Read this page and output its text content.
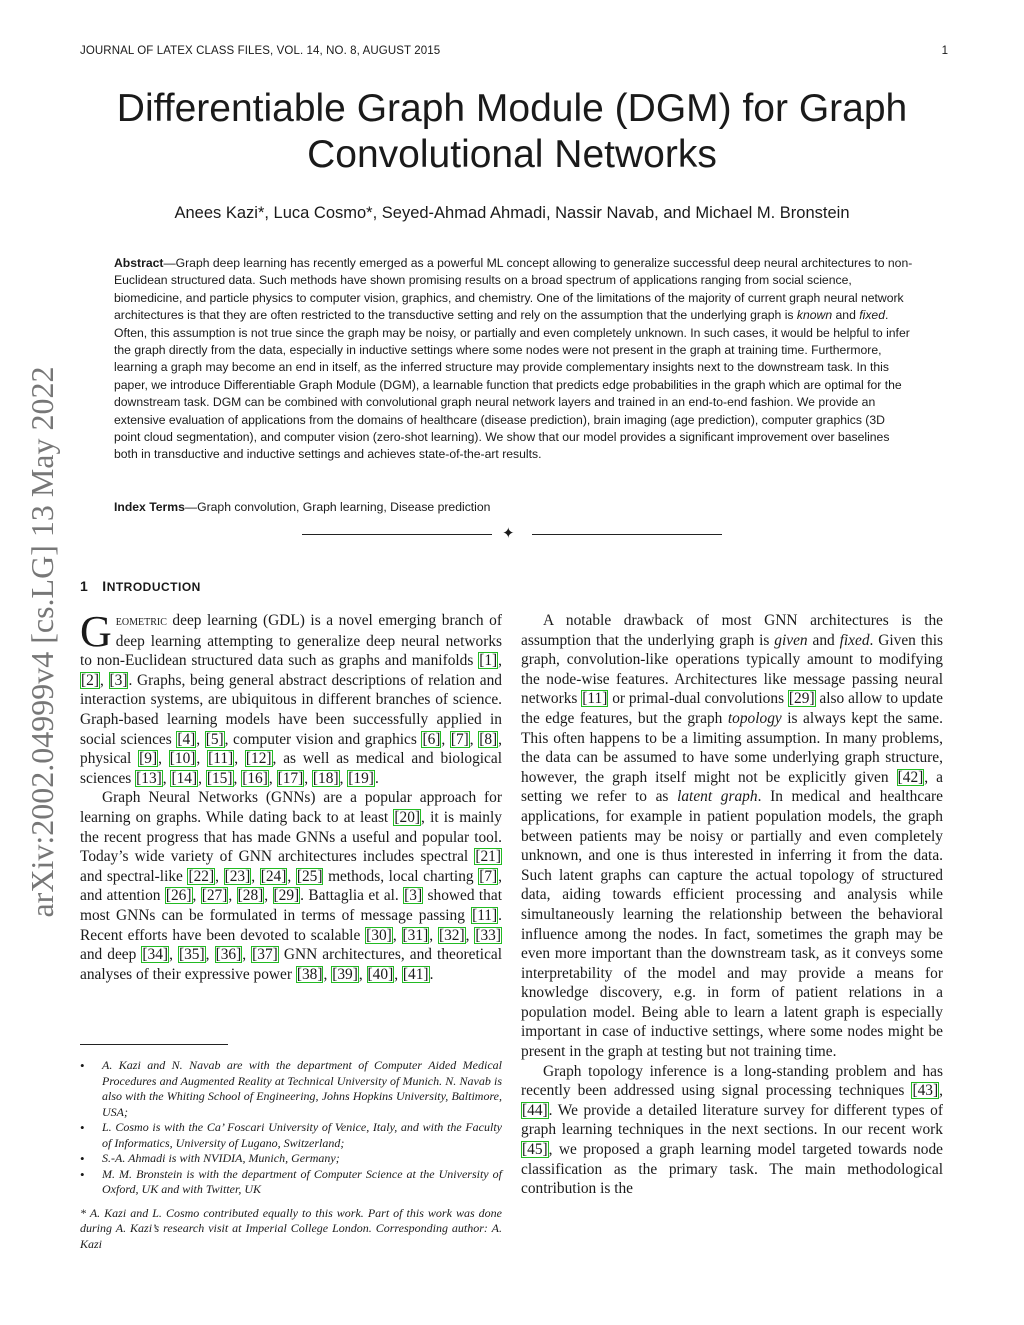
JOURNAL OF LATEX CLASS FILES, VOL. 14, NO. 8, AUGUST 2015	1
Differentiable Graph Module (DGM) for Graph Convolutional Networks
Anees Kazi*, Luca Cosmo*, Seyed-Ahmad Ahmadi, Nassir Navab, and Michael M. Bronstein

Abstract—Graph deep learning has recently emerged as a powerful ML concept allowing to generalize successful deep neural architectures to non-Euclidean structured data. Such methods have shown promising results on a broad spectrum of applications ranging from social science, biomedicine, and particle physics to computer vision, graphics, and chemistry. One of the limitations of the majority of current graph neural network architectures is that they are often restricted to the transductive setting and rely on the assumption that the underlying graph is known and fixed. Often, this assumption is not true since the graph may be noisy, or partially and even completely unknown. In such cases, it would be helpful to infer the graph directly from the data, especially in inductive settings where some nodes were not present in the graph at training time. Furthermore, learning a graph may become an end in itself, as the inferred structure may provide complementary insights next to the downstream task. In this paper, we introduce Differentiable Graph Module (DGM), a learnable function that predicts edge probabilities in the graph which are optimal for the downstream task. DGM can be combined with convolutional graph neural network layers and trained in an end-to-end fashion. We provide an extensive evaluation of applications from the domains of healthcare (disease prediction), brain imaging (age prediction), computer graphics (3D point cloud segmentation), and computer vision (zero-shot learning). We show that our model provides a significant improvement over baselines both in transductive and inductive settings and achieves state-of-the-art results.

Index Terms—Graph convolution, Graph learning, Disease prediction

✦
1 INTRODUCTION

Geometric deep learning (GDL) is a novel emerging branch of deep learning attempting to generalize deep neural networks to non-Euclidean structured data such as graphs and manifolds [1], [2], [3]. Graphs, being general abstract descriptions of relation and interaction systems, are ubiquitous in different branches of science. Graph-based learning models have been successfully applied in social sciences [4], [5], computer vision and graphics [6], [7], [8], physical [9], [10], [11], [12], as well as medical and biological sciences [13], [14], [15], [16], [17], [18], [19].

Graph Neural Networks (GNNs) are a popular approach for learning on graphs. While dating back to at least [20], it is mainly the recent progress that has made GNNs a useful and popular tool. Today’s wide variety of GNN architectures includes spectral [21] and spectral-like [22], [23], [24], [25] methods, local charting [7], and attention [26], [27], [28], [29]. Battaglia et al. [3] showed that most GNNs can be formulated in terms of message passing [11]. Recent efforts have been devoted to scalable [30], [31], [32], [33] and deep [34], [35], [36], [37] GNN architectures, and theoretical analyses of their expressive power [38], [39], [40], [41].

• A. Kazi and N. Navab are with the department of Computer Aided Medical Procedures and Augmented Reality at Technical University of Munich. N. Navab is also with the Whiting School of Engineering, Johns Hopkins University, Baltimore, USA;
• L. Cosmo is with the Ca’ Foscari University of Venice, Italy, and with the Faculty of Informatics, University of Lugano, Switzerland;
• S.-A. Ahmadi is with NVIDIA, Munich, Germany;
• M. M. Bronstein is with the department of Computer Science at the University of Oxford, UK and with Twitter, UK
* A. Kazi and L. Cosmo contributed equally to this work. Part of this work was done during A. Kazi’s research visit at Imperial College London. Corresponding author: A. Kazi

A notable drawback of most GNN architectures is the assumption that the underlying graph is given and fixed. Given this graph, convolution-like operations typically amount to modifying the node-wise features. Architectures like message passing neural networks [11] or primal-dual convolutions [29] also allow to update the edge features, but the graph topology is always kept the same. This often happens to be a limiting assumption. In many problems, the data can be assumed to have some underlying graph structure, however, the graph itself might not be explicitly given [42], a setting we refer to as latent graph. In medical and healthcare applications, for example in patient population models, the graph between patients may be noisy or partially and even completely unknown, and one is thus interested in inferring it from the data. Such latent graphs can capture the actual topology of structured data, aiding towards efficient processing and analysis while simultaneously learning the relationship between the behavioral influence among the nodes. In fact, sometimes the graph may be even more important than the downstream task, as it conveys some interpretability of the model and may provide a means for knowledge discovery, e.g. in form of patient relations in a population model. Being able to learn a latent graph is especially important in case of inductive settings, where some nodes might be present in the graph at testing but not training time.

Graph topology inference is a long-standing problem and has recently been addressed using signal processing techniques [43], [44]. We provide a detailed literature survey for different types of graph learning techniques in the next sections. In our recent work [45], we proposed a graph learning model targeted towards node classification as the primary task. The main methodological contribution is the

arXiv:2002.04999v4 [cs.LG] 13 May 2022
